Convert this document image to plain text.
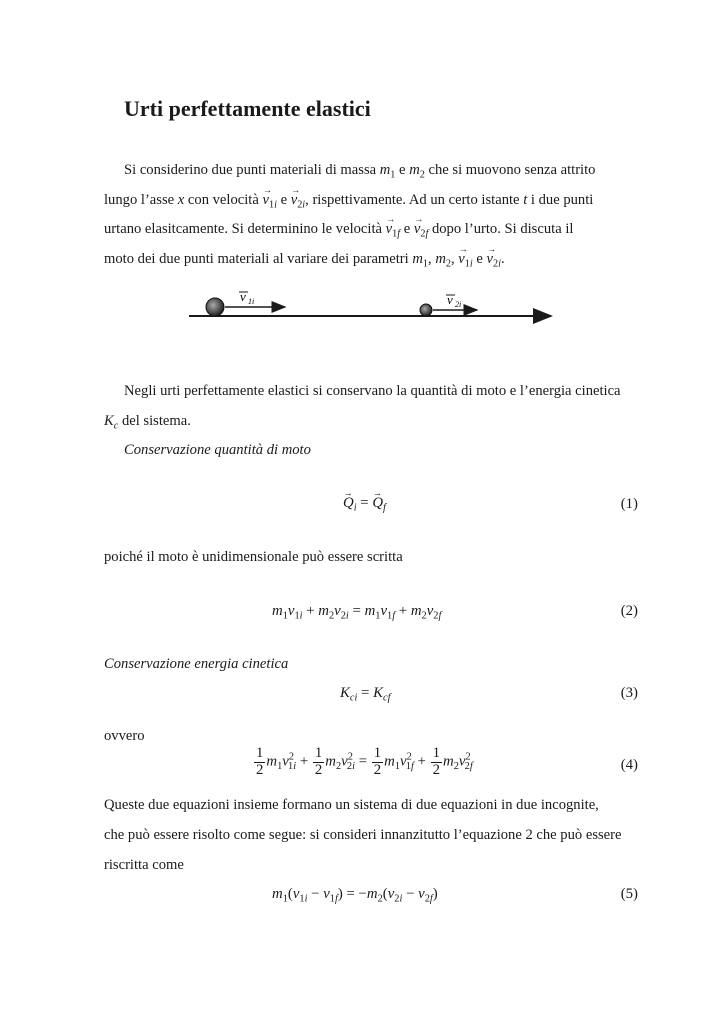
Urti perfettamente elastici
Si considerino due punti materiali di massa $m_1$ e $m_2$ che si muovono senza attrito
lungo l’asse x con velocità → $v_{1i}$ $e \to v_{2i}$, rispettivamente. Ad un certo istante t i due punti
urtano elasitcamente. Si determinino le velocità → $v_{1f}$ $e \to v_{2f}$ dopo l’urto. Si discuta il
moto dei due punti materiali al variare dei parametri $m_1$, $m_2$, → $v_{1i}$ $e \to v_{2i}$.
v 1i	v 2i
Negli urti perfettamente elastici si conservano la quantità di moto e l’energia cinetica
$K_c$ del sistema.
Conservazione quantità di moto
→ $Q_i$ = → $Q_f$	(1)
poiché il moto è unidimensionale può essere scritta
$m_1v_{1i} + m_2v_{2i} = m_1v_{1f} + m_2v_{2f}$	(2)
Conservazione energia cinetica
$K_{ci} = K_{cf}$	(3)
ovvero
$\frac{1}{2} m_1v^2_{1i} + \frac{1}{2} m_2v^2_{2i} = \frac{1}{2} m_1v^2_{1f} + \frac{1}{2} m_2v^2_{2f}$	(4)
Queste due equazioni insieme formano un sistema di due equazioni in due incognite,
che può essere risolto come segue: si consideri innanzitutto l’equazione 2 che può essere
riscritta come
$m_1(v_{1i} - v_{1f}) = -m_2(v_{2i} - v_{2f})$	(5)
